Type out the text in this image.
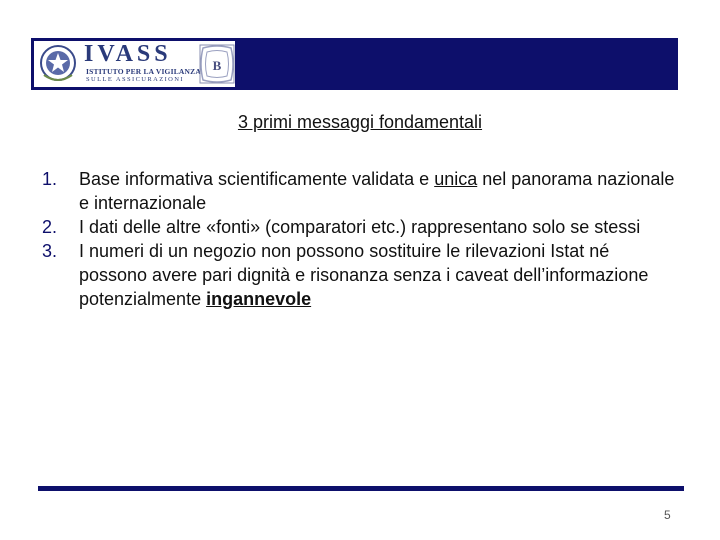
IVASS
ISTITUTO PER LA VIGILANZA
SULLE ASSICURAZIONI
B
3 primi messaggi fondamentali
1. Base informativa scientificamente validata e unica nel panorama nazionale e internazionale
2. I dati delle altre «fonti» (comparatori etc.) rappresentano solo se stessi
3. I numeri di un negozio non possono sostituire le rilevazioni Istat né possono avere pari dignità e risonanza senza i caveat dell’informazione potenzialmente ingannevole
5
